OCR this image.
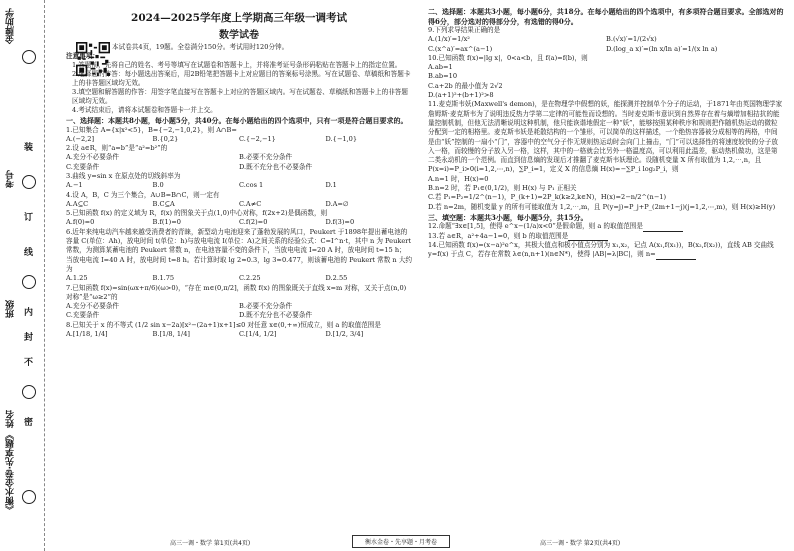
金牌助学
《衡水金卷·先享题》
考号
班级
姓名
装
订
线
内
封
不
密
2024—2025学年度上学期高三年级一调考试
数学试卷
本试卷共4页，19题。全卷满分150分。考试用时120分钟。
注意事项：
1.答题前，先将自己的姓名、考号等填写在试题卷和答题卡上，并将准考证号条形码粘贴在答题卡上的指定位置。
2.选择题的作答：每小题选出答案后，用2B铅笔把答题卡上对应题目的答案标号涂黑。写在试题卷、草稿纸和答题卡上的非答题区域均无效。
3.填空题和解答题的作答：用签字笔直接写在答题卡上对应的答题区域内。写在试题卷、草稿纸和答题卡上的非答题区域均无效。
4.考试结束后，请将本试题卷和答题卡一并上交。
一、选择题：本题共8小题，每小题5分，共40分。在每小题给出的四个选项中，只有一项是符合题目要求的。
1.已知集合 A={x|x²<5}，B={−2,−1,0,2}，则 A∩B=
A.(−2,2]	B.{0,2}	C.{−2,−1}	D.{−1,0}
2.设 a∈R，则“a=b”是“a²=b²”的
A.充分不必要条件	B.必要不充分条件
C.充要条件	D.既不充分也不必要条件
3.曲线 y=sin x 在原点处的切线斜率为
A.−1	B.0	C.cos 1	D.1
4.设 A，B，C 为三个集合，A∪B=B∩C，则一定有
A.A⊆C	B.C⊆A	C.A≠C	D.A=∅
5.已知函数 f(x) 的定义域为 R，f(x) 的图象关于点(1,0)中心对称，f(2x+2)是偶函数，则
A.f(0)=0	B.f(1)=0	C.f(2)=0	D.f(3)=0
6.近年来纯电动汽车越来越受消费者的青睐，新型动力电池迎来了蓬勃发展的风口，Peukert 于1898年提出蓄电池的容量 C(单位：Ah)，放电时间 t(单位：h)与放电电流 I(单位：A)之间关系的经验公式：C=I^n·t，其中 n 为 Peukert 常数，为测算某蓄电池的 Peukert 常数 n，在电池容量不变的条件下，当放电电流 I=20 A 时，放电时间 t=15 h；当放电电流 I=40 A 时，放电时间 t=8 h。若计算时取 lg 2≈0.3，lg 3≈0.477，则该蓄电池的 Peukert 常数 n 大约为
A.1.25	B.1.75	C.2.25	D.2.55
7.已知函数 f(x)=sin(ωx+π/6)(ω>0)，“存在 m∈(0,π/2]，函数 f(x) 的图象既关于直线 x=m 对称，又关于点(n,0)对称”是“ω≥2”的
A.充分不必要条件	B.必要不充分条件
C.充要条件	D.既不充分也不必要条件
8.已知关于 x 的不等式 (1/2 sin x−2a)[x²−(2a+1)x+1]≤0 对任意 x∈(0,+∞)恒成立，则 a 的取值范围是
A.[1/18, 1/4]	B.[1/8, 1/4]	C.[1/4, 1/2]	D.[1/2, 3/4]
二、选择题：本题共3小题，每小题6分，共18分。在每小题给出的四个选项中，有多项符合题目要求。全部选对的得6分，部分选对的得部分分，有选错的得0分。
9.下列求导结果正确的是
A.(1/x)′=1/x²	B.(√x)′=1/(2√x)
C.(x^a)′=ax^(a−1)	D.(log_a x)′=(ln x/ln a)′=1/(x ln a)
10.已知函数 f(x)=|lg x|，0<a<b，且 f(a)=f(b)，则
A.ab=1
B.ab=10
C.a+2b 的最小值为 2√2
D.(a+1)²+(b+1)²>8
11.麦克斯韦妖(Maxwell's demon)，是在物理学中假想的妖，能探测并控制单个分子的运动，于1871年由英国物理学家詹姆斯·麦克斯韦为了说明违反热力学第二定律的可能性而设想的。当时麦克斯韦意识到自然界存在着与熵增加相拮抗的能量控制机制，但他无法清晰说明这种机制，他只能诙谐地假定一种“妖”，能够按照某种秩序和规则把作随机热运动的微粒分配到一定的相格里。麦克斯韦妖是耗散结构的一个雏形，可以简单的这样描述，一个绝热容器被分成相等的两格，中间是由“妖”控制的一扇小“门”，容器中的空气分子作无规则热运动时会向门上撞击，“门”可以选择性的将速度较快的分子放入一格，而较慢的分子放入另一格，这样，其中的一格就会比另外一格温度高，可以利用此温差，驱动热机做功，这是第二类永动机的一个范例。而直到信息熵的发现后才推翻了麦克斯韦妖理论。设随机变量 X 所有取值为 1,2,⋯,n，且 P(x=i)=P_i>0(i=1,2,⋯,n)，∑P_i=1，定义 X 的信息熵 H(x)=−∑P_i log₂P_i，则
A.n=1 时，H(x)=0
B.n=2 时，若 P₁∈(0,1/2)，则 H(x) 与 P₁ 正相关
C.若 P₁=P₂=1/2^(n−1)，P_(k+1)=2P_k(k≥2,k∈N)，H(x)=2−n/2^(n−1)
D.若 n=2m，随机变量 y 的所有可能取值为 1,2,⋯,m，且 P(y=j)=P_j+P_(2m+1−j)(j=1,2,⋯,m)，则 H(x)≥H(y)
三、填空题：本题共3小题，每小题5分，共15分。
12.命题“∃x∈[1,5]，使得 e^x−(1/a)x<0”是假命题，则 a 的取值范围是
13.若 a∈R，a²+4a−1=0，则 b 的取值范围是
14.已知函数 f(x)=(x−a)²e^x，其极大值点和极小值点分别为 x₁,x₂，记点 A(x₁,f(x₁))，B(x₂,f(x₂))，直线 AB 交曲线 y=f(x) 于点 C，若存在常数 λ∈(n,n+1)(n∈N*)，使得 |AB|=λ|BC|，则 n=
高三一调・数学 第1页(共4页)	衡水金卷・先享题・月考卷	高三一调・数学 第2页(共4页)
